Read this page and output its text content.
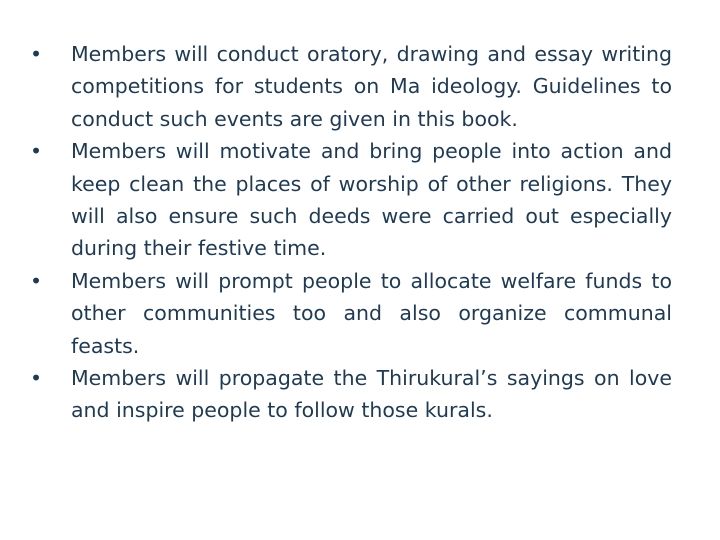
•	Members will conduct oratory, drawing and essay writing competitions for students on Ma ideology. Guidelines to conduct such events are given in this book.
•	Members will motivate and bring people into action and keep clean the places of worship of other religions. They will also ensure such deeds were carried out especially during their festive time.
•	Members will prompt people to allocate welfare funds to other communities too and also organize communal feasts.
•	Members will propagate the Thirukural’s sayings on love and inspire people to follow those kurals.
